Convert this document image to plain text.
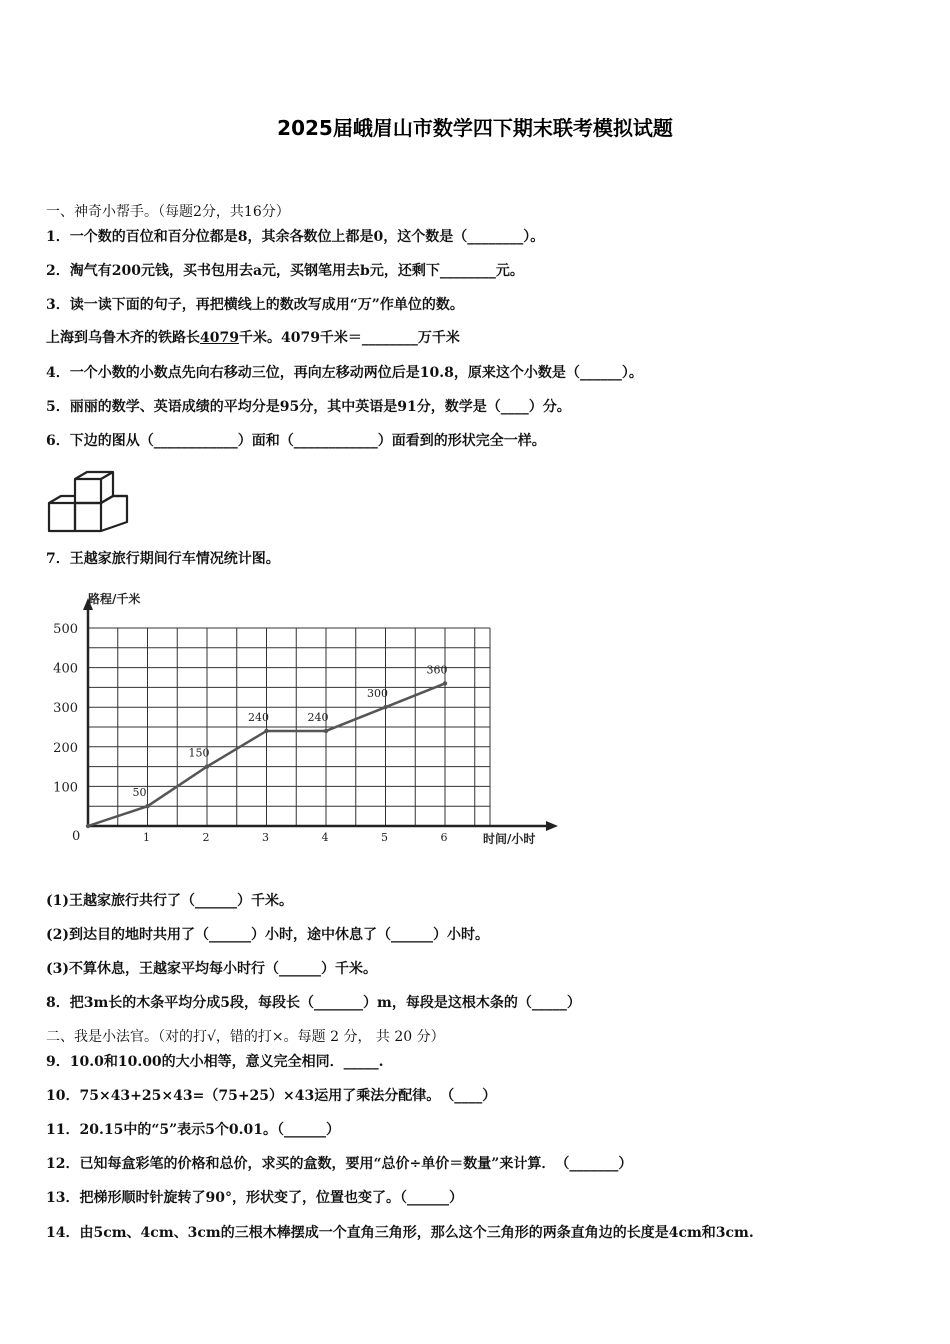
2025届峨眉山市数学四下期末联考模拟试题
一、神奇小帮手。（每题2分，共16分）
1．一个数的百位和百分位都是8，其余各数位上都是0，这个数是（________）。
2．淘气有200元钱，买书包用去a元，买钢笔用去b元，还剩下________元。
3．读一读下面的句子，再把横线上的数改写成用“万”作单位的数。
上海到乌鲁木齐的铁路长4079千米。4079千米＝________万千米
4．一个小数的小数点先向右移动三位，再向左移动两位后是10.8，原来这个小数是（______）。
5．丽丽的数学、英语成绩的平均分是95分，其中英语是91分，数学是（____）分。
6．下边的图从（____________）面和（____________）面看到的形状完全一样。
7．王越家旅行期间行车情况统计图。
路程/千米
时间/小时
0
100
200
300
400
500
1	2	3	4	5	6
50
150
240	240
300
360
(1)王越家旅行共行了（______）千米。
(2)到达目的地时共用了（______）小时，途中休息了（______）小时。
(3)不算休息，王越家平均每小时行（______）千米。
8．把3m长的木条平均分成5段，每段长（_______）m，每段是这根木条的（_____）
二、我是小法官。（对的打√，错的打×。每题 2 分， 共 20 分）
9．10.0和10.00的大小相等，意义完全相同．_____.
10．75×43+25×43=（75+25）×43运用了乘法分配律。　（____）
11．20.15中的“5”表示5个0.01。（______）
12．已知每盒彩笔的价格和总价，求买的盒数，要用“总价÷单价＝数量”来计算．　（_______）
13．把梯形顺时针旋转了90°，形状变了，位置也变了。（______）
14．由5cm、4cm、3cm的三根木棒摆成一个直角三角形，那么这个三角形的两条直角边的长度是4cm和3cm.
